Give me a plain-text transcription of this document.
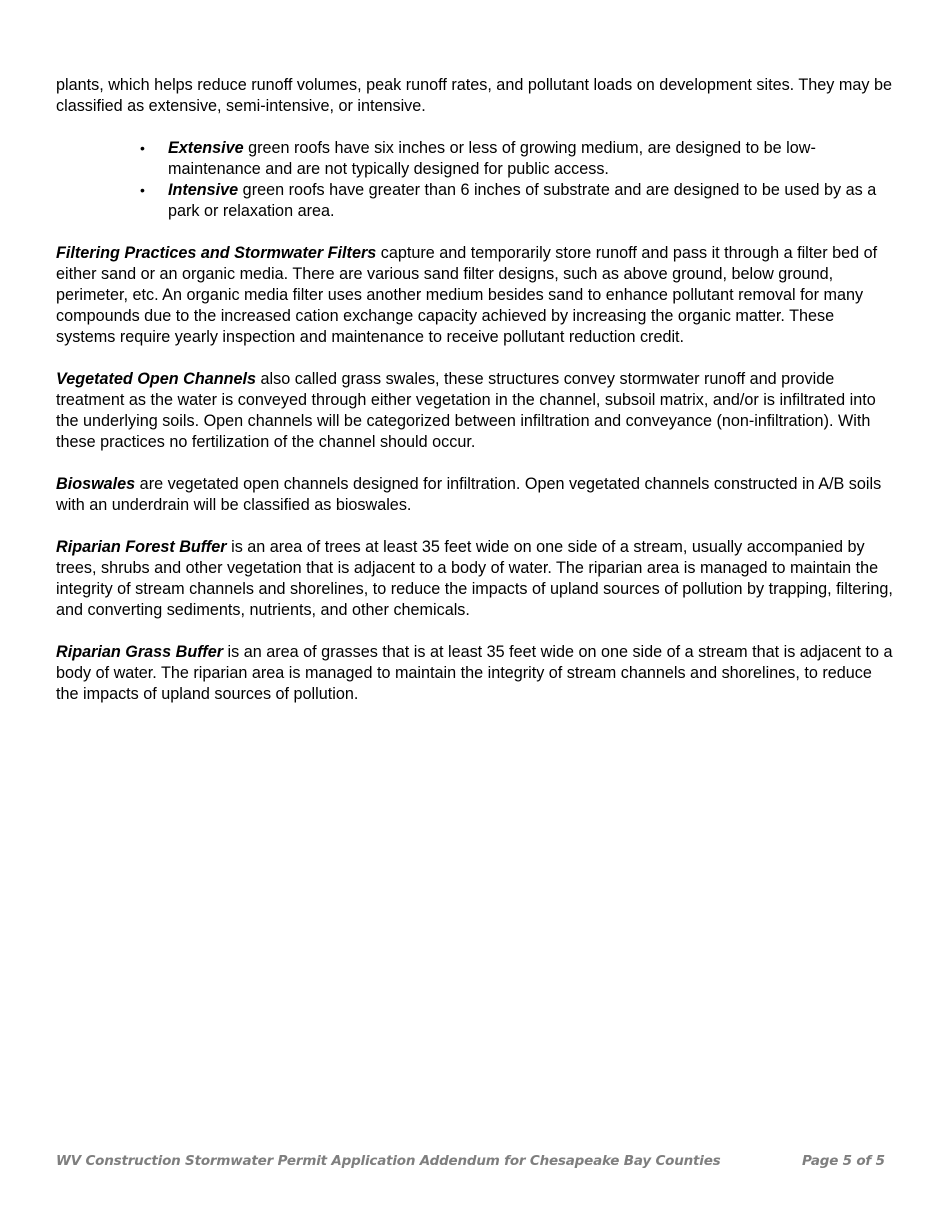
plants, which helps reduce runoff volumes, peak runoff rates, and pollutant loads on development sites. They may be classified as extensive, semi-intensive, or intensive.

• Extensive green roofs have six inches or less of growing medium, are designed to be low-maintenance and are not typically designed for public access.
• Intensive green roofs have greater than 6 inches of substrate and are designed to be used by as a park or relaxation area.

Filtering Practices and Stormwater Filters capture and temporarily store runoff and pass it through a filter bed of either sand or an organic media. There are various sand filter designs, such as above ground, below ground, perimeter, etc. An organic media filter uses another medium besides sand to enhance pollutant removal for many compounds due to the increased cation exchange capacity achieved by increasing the organic matter. These systems require yearly inspection and maintenance to receive pollutant reduction credit.

Vegetated Open Channels also called grass swales, these structures convey stormwater runoff and provide treatment as the water is conveyed through either vegetation in the channel, subsoil matrix, and/or is infiltrated into the underlying soils. Open channels will be categorized between infiltration and conveyance (non-infiltration). With these practices no fertilization of the channel should occur.

Bioswales are vegetated open channels designed for infiltration. Open vegetated channels constructed in A/B soils with an underdrain will be classified as bioswales.

Riparian Forest Buffer is an area of trees at least 35 feet wide on one side of a stream, usually accompanied by trees, shrubs and other vegetation that is adjacent to a body of water. The riparian area is managed to maintain the integrity of stream channels and shorelines, to reduce the impacts of upland sources of pollution by trapping, filtering, and converting sediments, nutrients, and other chemicals.

Riparian Grass Buffer is an area of grasses that is at least 35 feet wide on one side of a stream that is adjacent to a body of water. The riparian area is managed to maintain the integrity of stream channels and shorelines, to reduce the impacts of upland sources of pollution.

WV Construction Stormwater Permit Application Addendum for Chesapeake Bay Counties	Page 5 of 5
